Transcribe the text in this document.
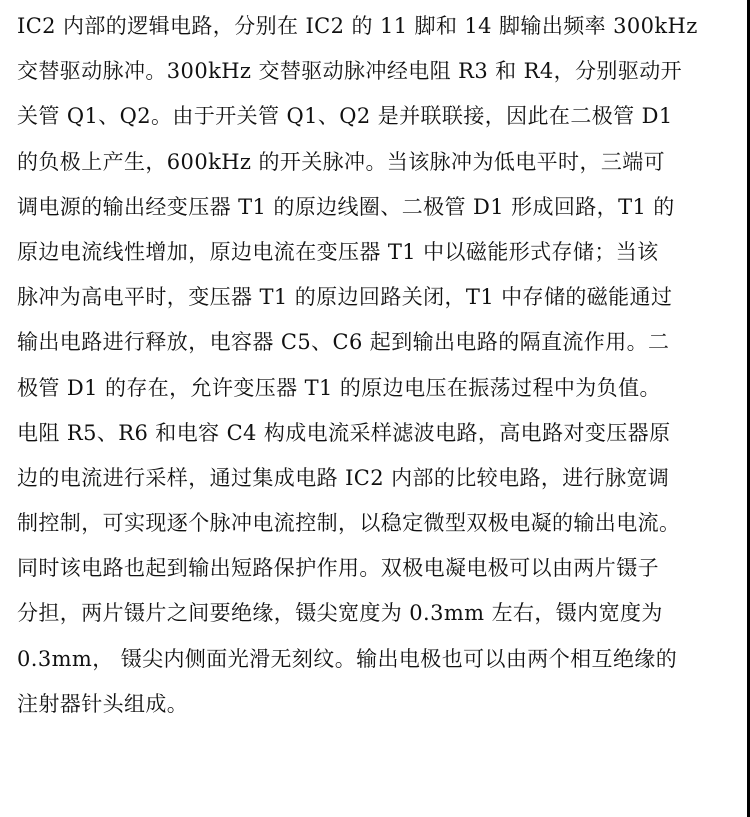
IC2 内部的逻辑电路，分别在 IC2 的 11 脚和 14 脚输出频率 300kHz
交替驱动脉冲。300kHz 交替驱动脉冲经电阻 R3 和 R4，分别驱动开
关管 Q1、Q2。由于开关管 Q1、Q2 是并联联接，因此在二极管 D1
的负极上产生，600kHz 的开关脉冲。当该脉冲为低电平时，三端可
调电源的输出经变压器 T1 的原边线圈、二极管 D1 形成回路，T1 的
原边电流线性增加，原边电流在变压器 T1 中以磁能形式存储；当该
脉冲为高电平时，变压器 T1 的原边回路关闭，T1 中存储的磁能通过
输出电路进行释放，电容器 C5、C6 起到输出电路的隔直流作用。二
极管 D1 的存在，允许变压器 T1 的原边电压在振荡过程中为负值。
电阻 R5、R6 和电容 C4 构成电流采样滤波电路，高电路对变压器原
边的电流进行采样，通过集成电路 IC2 内部的比较电路，进行脉宽调
制控制，可实现逐个脉冲电流控制，以稳定微型双极电凝的输出电流。
同时该电路也起到输出短路保护作用。双极电凝电极可以由两片镊子
分担，两片镊片之间要绝缘，镊尖宽度为 0.3mm 左右，镊内宽度为
0.3mm， 镊尖内侧面光滑无刻纹。输出电极也可以由两个相互绝缘的
注射器针头组成。
